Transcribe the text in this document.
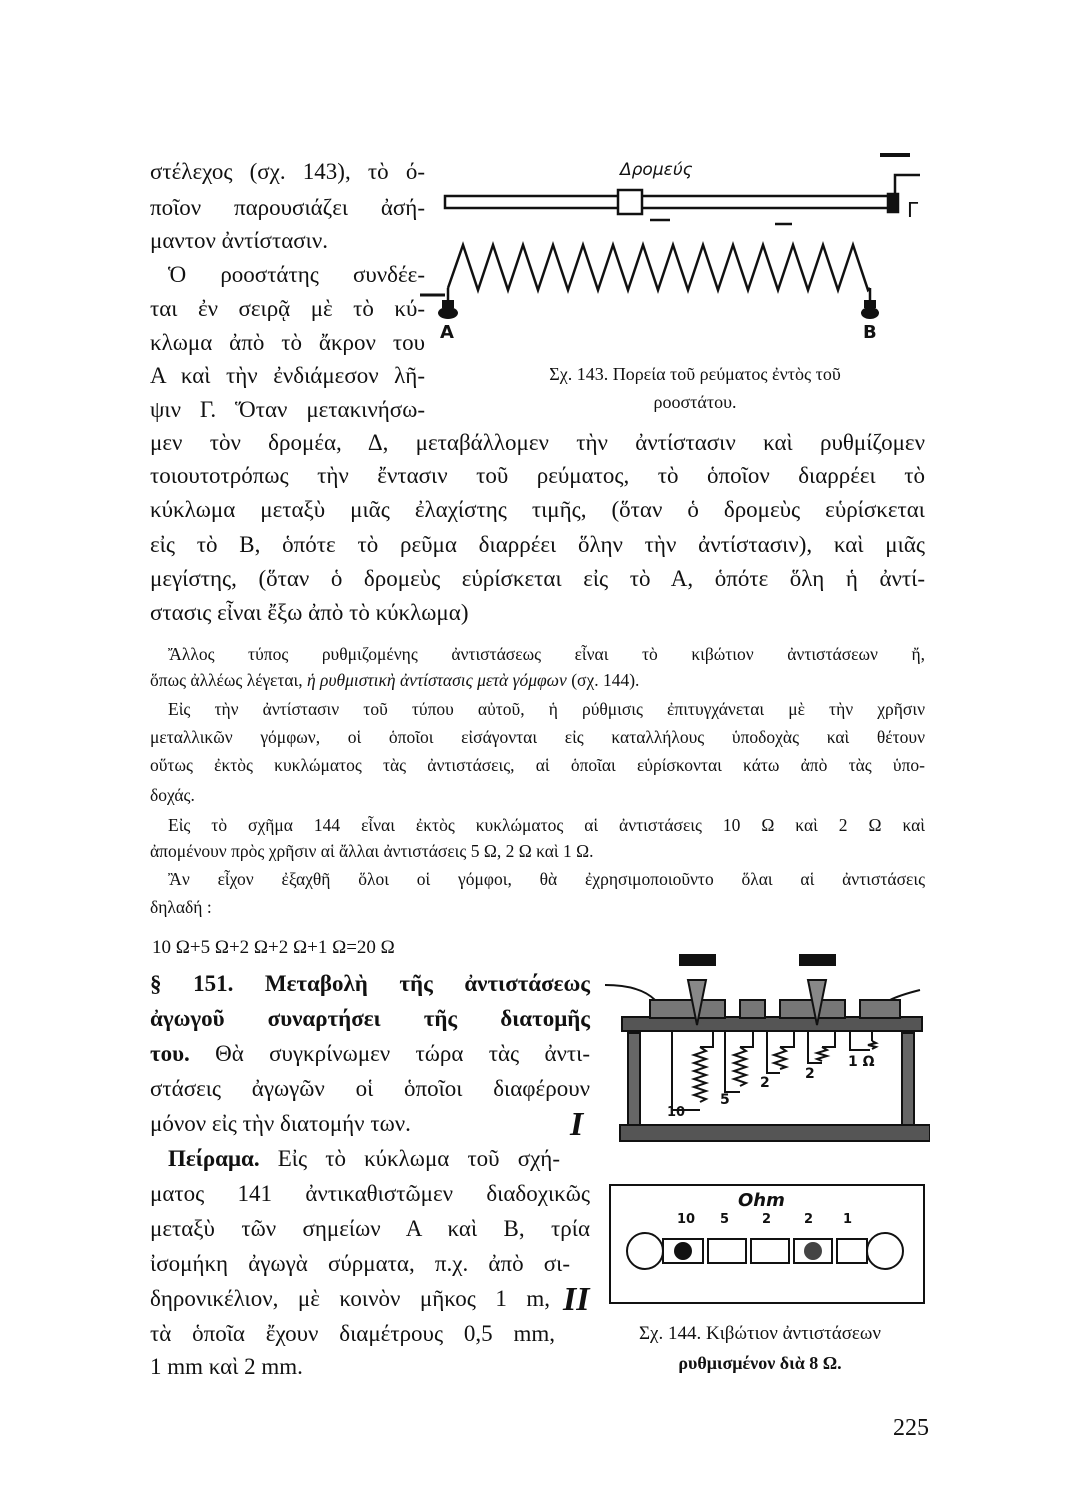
στέλεχος (σχ. 143), τὸ ό-
ποῖον παρουσιάζει ἀσή-
μαντον ἀντίστασιν.
Ὁ ροοστάτης συνδέε-
ται ἐν σειρᾷ μὲ τὸ κύ-
κλωμα ἀπὸ τὸ ἄκρον του
Α καὶ τὴν ἐνδιάμεσον λῆ-
ψιν Γ. Ὅταν μετακινήσω-
μεν τὸν δρομέα, Δ, μεταβάλλομεν τὴν ἀντίστασιν καὶ ρυθμίζομεν
τοιουτοτρόπως τὴν ἔντασιν τοῦ ρεύματος, τὸ ὁποῖον διαρρέει τὸ
κύκλωμα μεταξὺ μιᾶς ἐλαχίστης τιμῆς, (ὅταν ὁ δρομεὺς εὑρίσκεται
εἰς τὸ Β, ὁπότε τὸ ρεῦμα διαρρέει ὅλην τὴν ἀντίστασιν), καὶ μιᾶς
μεγίστης, (ὅταν ὁ δρομεὺς εὑρίσκεται εἰς τὸ Α, ὁπότε ὅλη ἡ ἀντί-
στασις εἶναι ἔξω ἀπὸ τὸ κύκλωμα)
Ἄλλος τύπος ρυθμιζομένης ἀντιστάσεως εἶναι τὸ κιβώτιον ἀντιστάσεων ἤ,
ὅπως ἀλλέως λέγεται, ἡ ρυθμιστικὴ ἀντίστασις μετὰ γόμφων (σχ. 144).
Εἰς τὴν ἀντίστασιν τοῦ τύπου αὐτοῦ, ἡ ρύθμισις ἐπιτυγχάνεται μὲ τὴν χρῆσιν
μεταλλικῶν γόμφων, οἱ ὁποῖοι εἰσάγονται εἰς καταλλήλους ὑποδοχὰς καὶ θέτουν
οὕτως ἐκτὸς κυκλώματος τὰς ἀντιστάσεις, αἱ ὁποῖαι εὑρίσκονται κάτω ἀπὸ τὰς ὑπο-
δοχάς.
Εἰς τὸ σχῆμα 144 εἶναι ἐκτὸς κυκλώματος αἱ ἀντιστάσεις 10 Ω καὶ 2 Ω καὶ
ἀπομένουν πρὸς χρῆσιν αἱ ἄλλαι ἀντιστάσεις 5 Ω, 2 Ω καὶ 1 Ω.
Ἂν εἶχον ἐξαχθῆ ὅλοι οἱ γόμφοι, θὰ ἐχρησιμοποιοῦντο ὅλαι αἱ ἀντιστάσεις
δηλαδή :
10 Ω+5 Ω+2 Ω+2 Ω+1 Ω=20 Ω
§ 151. Μεταβολὴ τῆς ἀντιστάσεως
ἀγωγοῦ συναρτήσει τῆς διατομῆς
του. Θὰ συγκρίνωμεν τώρα τὰς ἀντι-
στάσεις ἀγωγῶν οἱ ὁποῖοι διαφέρουν
μόνον εἰς τὴν διατομήν των.
Πείραμα. Εἰς τὸ κύκλωμα τοῦ σχή-
ματος 141 ἀντικαθιστῶμεν διαδοχικῶς
μεταξὺ τῶν σημείων Α καὶ Β, τρία
ἰσομήκη ἀγωγὰ σύρματα, π.χ. ἀπὸ σι-
δηρονικέλιον, μὲ κοινὸν μῆκος 1 m,
τὰ ὁποῖα ἔχουν διαμέτρους 0,5 mm,
1 mm καὶ 2 mm.
Δρομεύς
Α	Β
Γ
Σχ. 143. Πορεία τοῦ ρεύματος ἐντὸς τοῦ
ροοστάτου.
10
5
2
2
1 Ω
I
Ohm
10 5	2	2 1
II
Σχ. 144. Κιβώτιον ἀντιστάσεων
ρυθμισμένον διὰ 8 Ω.
225
